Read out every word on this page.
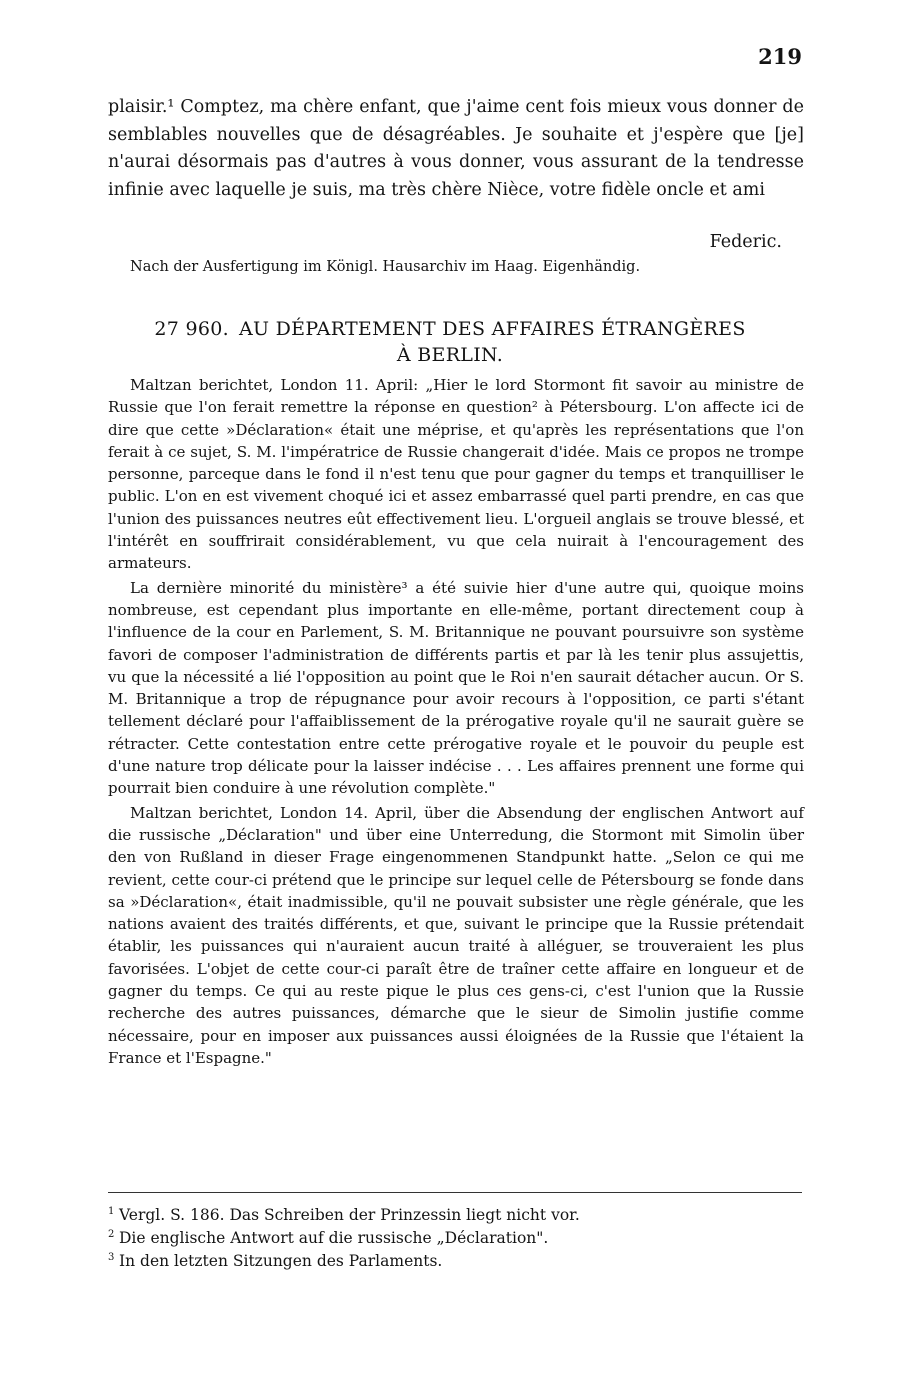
219
plaisir.¹ Comptez, ma chère enfant, que j'aime cent fois mieux vous donner de semblables nouvelles que de désagréables. Je souhaite et j'espère que [je] n'aurai désormais pas d'autres à vous donner, vous assurant de la tendresse infinie avec laquelle je suis, ma très chère Nièce, votre fidèle oncle et ami
Federic.
Nach der Ausfertigung im Königl. Hausarchiv im Haag. Eigenhändig.
27 960. AU DÉPARTEMENT DES AFFAIRES ÉTRANGÈRES
À BERLIN.

Maltzan berichtet, London 11. April: „Hier le lord Stormont fit savoir au ministre de Russie que l'on ferait remettre la réponse en question² à Pétersbourg. L'on affecte ici de dire que cette »Déclaration« était une méprise, et qu'après les représentations que l'on ferait à ce sujet, S. M. l'impératrice de Russie changerait d'idée. Mais ce propos ne trompe personne, parceque dans le fond il n'est tenu que pour gagner du temps et tranquilliser le public. L'on en est vivement choqué ici et assez embarrassé quel parti prendre, en cas que l'union des puissances neutres eût effectivement lieu. L'orgueil anglais se trouve blessé, et l'intérêt en souffrirait considérablement, vu que cela nuirait à l'encouragement des armateurs.

La dernière minorité du ministère³ a été suivie hier d'une autre qui, quoique moins nombreuse, est cependant plus importante en elle-même, portant directement coup à l'influence de la cour en Parlement, S. M. Britannique ne pouvant poursuivre son système favori de composer l'administration de différents partis et par là les tenir plus assujettis, vu que la nécessité a lié l'opposition au point que le Roi n'en saurait détacher aucun. Or S. M. Britannique a trop de répugnance pour avoir recours à l'opposition, ce parti s'étant tellement déclaré pour l'affaiblissement de la prérogative royale qu'il ne saurait guère se rétracter. Cette contestation entre cette prérogative royale et le pouvoir du peuple est d'une nature trop délicate pour la laisser indécise . . . Les affaires prennent une forme qui pourrait bien conduire à une révolution complète."

Maltzan berichtet, London 14. April, über die Absendung der englischen Antwort auf die russische „Déclaration" und über eine Unterredung, die Stormont mit Simolin über den von Rußland in dieser Frage eingenommenen Standpunkt hatte. „Selon ce qui me revient, cette cour-ci prétend que le principe sur lequel celle de Pétersbourg se fonde dans sa »Déclaration«, était inadmissible, qu'il ne pouvait subsister une règle générale, que les nations avaient des traités différents, et que, suivant le principe que la Russie prétendait établir, les puissances qui n'auraient aucun traité à alléguer, se trouveraient les plus favorisées. L'objet de cette cour-ci paraît être de traîner cette affaire en longueur et de gagner du temps. Ce qui au reste pique le plus ces gens-ci, c'est l'union que la Russie recherche des autres puissances, démarche que le sieur de Simolin justifie comme nécessaire, pour en imposer aux puissances aussi éloignées de la Russie que l'étaient la France et l'Espagne."

1 Vergl. S. 186. Das Schreiben der Prinzessin liegt nicht vor.
2 Die englische Antwort auf die russische „Déclaration".
3 In den letzten Sitzungen des Parlaments.
